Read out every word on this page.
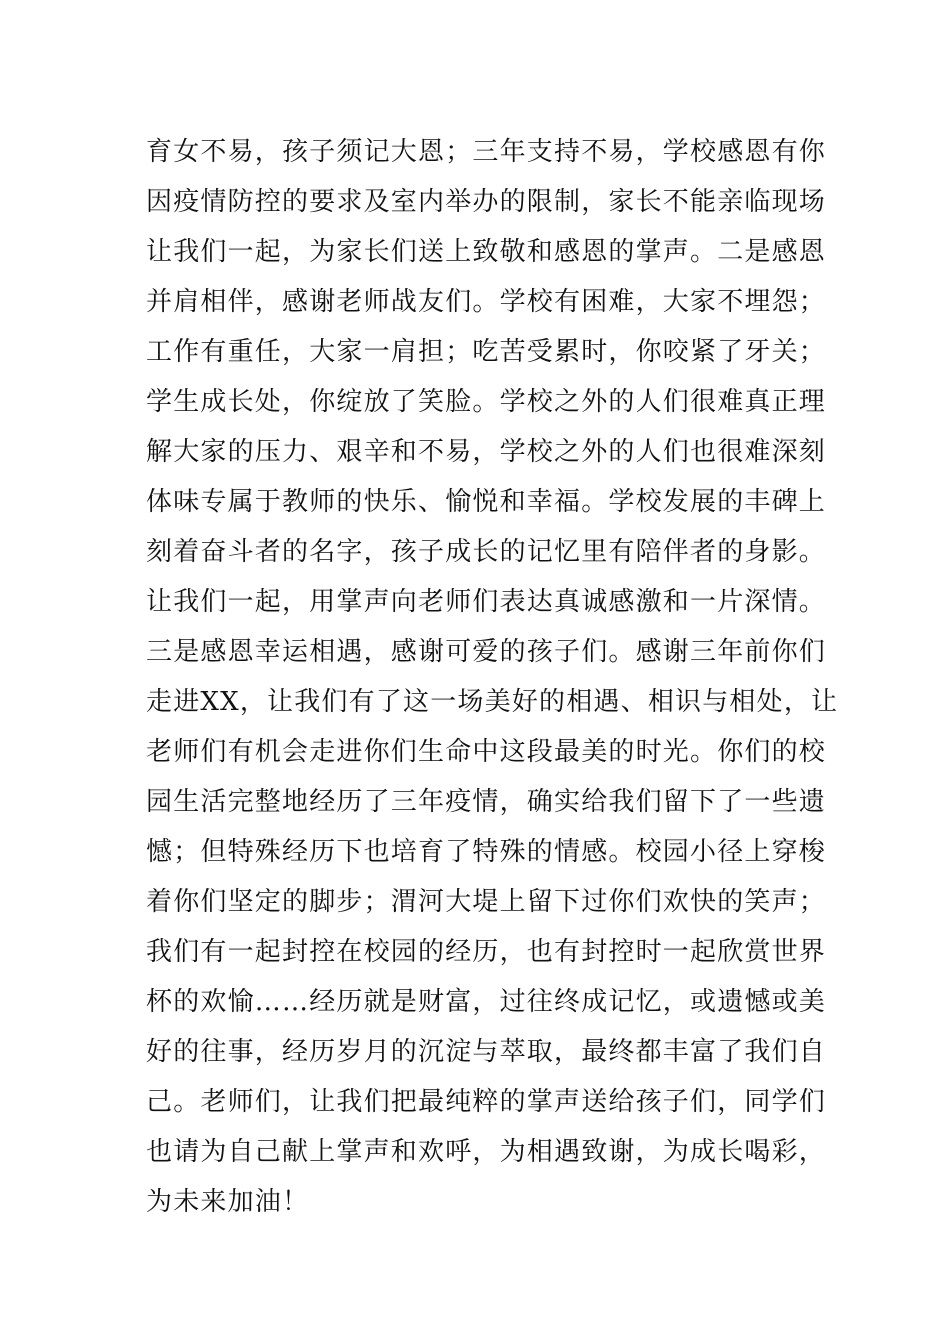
育女不易，孩子须记大恩；三年支持不易，学校感恩有你
因疫情防控的要求及室内举办的限制，家长不能亲临现场
让我们一起，为家长们送上致敬和感恩的掌声。二是感恩
并肩相伴，感谢老师战友们。学校有困难，大家不埋怨；
工作有重任，大家一肩担；吃苦受累时，你咬紧了牙关；
学生成长处，你绽放了笑脸。学校之外的人们很难真正理
解大家的压力、艰辛和不易，学校之外的人们也很难深刻
体味专属于教师的快乐、愉悦和幸福。学校发展的丰碑上
刻着奋斗者的名字，孩子成长的记忆里有陪伴者的身影。
让我们一起，用掌声向老师们表达真诚感激和一片深情。
三是感恩幸运相遇，感谢可爱的孩子们。感谢三年前你们
走进XX，让我们有了这一场美好的相遇、相识与相处，让
老师们有机会走进你们生命中这段最美的时光。你们的校
园生活完整地经历了三年疫情，确实给我们留下了一些遗
憾；但特殊经历下也培育了特殊的情感。校园小径上穿梭
着你们坚定的脚步；渭河大堤上留下过你们欢快的笑声；
我们有一起封控在校园的经历，也有封控时一起欣赏世界
杯的欢愉……经历就是财富，过往终成记忆，或遗憾或美
好的往事，经历岁月的沉淀与萃取，最终都丰富了我们自
己。老师们，让我们把最纯粹的掌声送给孩子们，同学们
也请为自己献上掌声和欢呼，为相遇致谢，为成长喝彩，
为未来加油！
